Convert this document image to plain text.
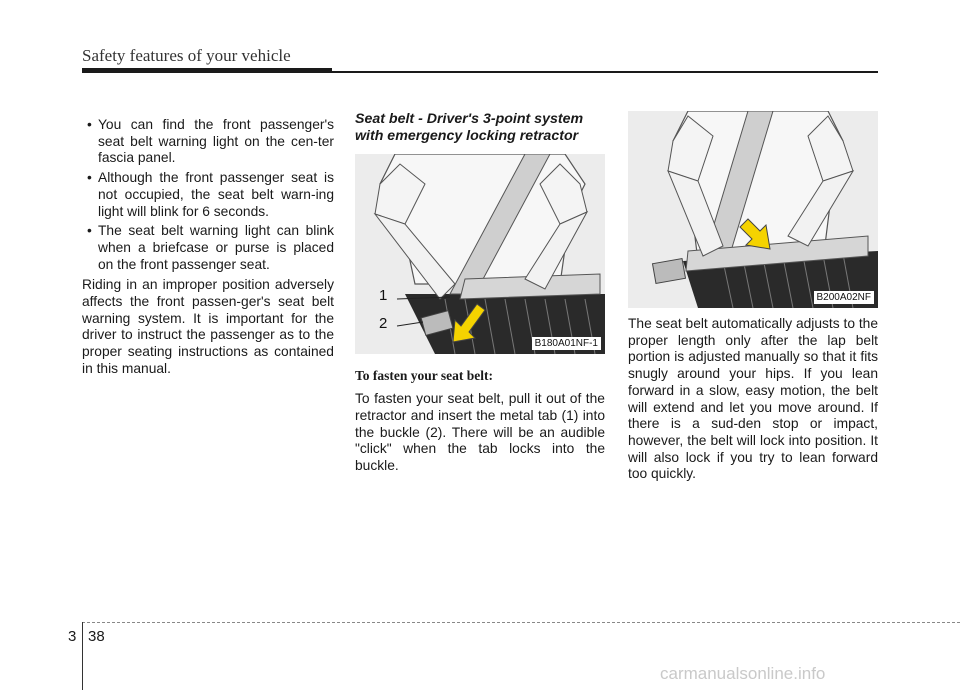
Safety features of your vehicle
• You can find the front passenger's seat belt warning light on the cen-ter fascia panel.
• Although the front passenger seat is not occupied, the seat belt warn-ing light will blink for 6 seconds.
• The seat belt warning light can blink when a briefcase or purse is placed on the front passenger seat.

Riding in an improper position adversely affects the front passen-ger's seat belt warning system. It is important for the driver to instruct the passenger as to the proper seating instructions as contained in this manual.

Seat belt - Driver's 3-point system with emergency locking retractor
1
2
B180A01NF-1
To fasten your seat belt:

To fasten your seat belt, pull it out of the retractor and insert the metal tab (1) into the buckle (2). There will be an audible "click" when the tab locks into the buckle.

B200A02NF

The seat belt automatically adjusts to the proper length only after the lap belt portion is adjusted manually so that it fits snugly around your hips. If you lean forward in a slow, easy motion, the belt will extend and let you move around. If there is a sud-den stop or impact, however, the belt will lock into position. It will also lock if you try to lean forward too quickly.

3 38
carmanualsonline.info
